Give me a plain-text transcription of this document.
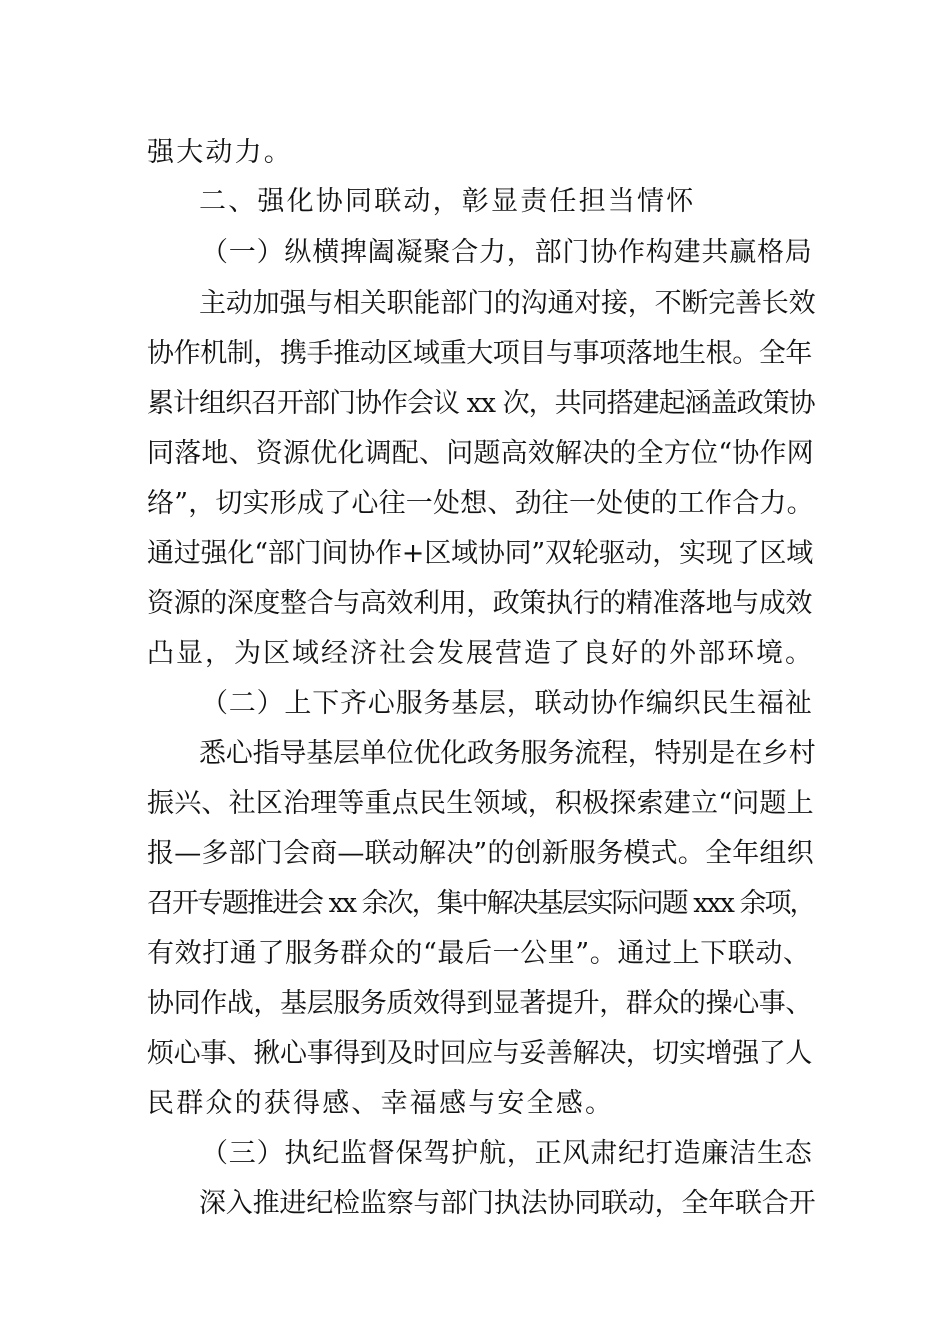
强大动力。
二、强化协同联动，彰显责任担当情怀
（一）纵横捭阖凝聚合力，部门协作构建共赢格局
主动加强与相关职能部门的沟通对接，不断完善长效
协作机制，携手推动区域重大项目与事项落地生根。全年
累计组织召开部门协作会议 xx 次，共同搭建起涵盖政策协
同落地、资源优化调配、问题高效解决的全方位“协作网
络”，切实形成了心往一处想、劲往一处使的工作合力。
通过强化“部门间协作+区域协同”双轮驱动，实现了区域
资源的深度整合与高效利用，政策执行的精准落地与成效
凸显，为区域经济社会发展营造了良好的外部环境。
（二）上下齐心服务基层，联动协作编织民生福祉
悉心指导基层单位优化政务服务流程，特别是在乡村
振兴、社区治理等重点民生领域，积极探索建立“问题上
报—多部门会商—联动解决”的创新服务模式。全年组织
召开专题推进会 xx 余次，集中解决基层实际问题 xxx 余项，
有效打通了服务群众的“最后一公里”。通过上下联动、
协同作战，基层服务质效得到显著提升，群众的操心事、
烦心事、揪心事得到及时回应与妥善解决，切实增强了人
民群众的获得感、幸福感与安全感。
（三）执纪监督保驾护航，正风肃纪打造廉洁生态
深入推进纪检监察与部门执法协同联动，全年联合开
